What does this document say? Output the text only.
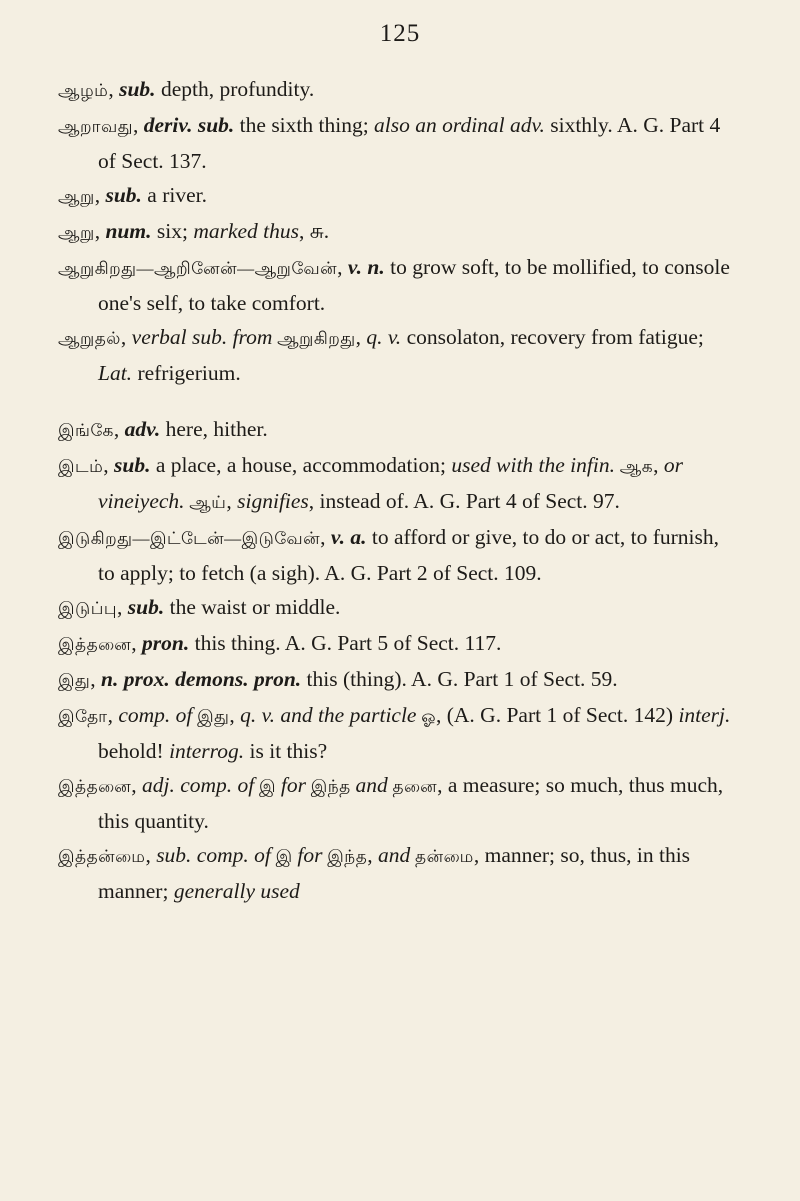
125

ஆழம், sub. depth, profundity.

ஆறாவது, deriv. sub. the sixth thing; also an ordinal adv. sixthly. A. G. Part 4 of Sect. 137.

ஆறு, sub. a river.

ஆறு, num. six; marked thus, சு.

ஆறுகிறது—ஆறினேன்—ஆறுவேன், v. n. to grow soft, to be mollified, to console one's self, to take comfort.

ஆறுதல், verbal sub. from ஆறுகிறது, q. v. consolaton, recovery from fatigue; Lat. refrigerium.

இங்கே, adv. here, hither.

இடம், sub. a place, a house, accommodation; used with the infin. ஆக, or vineiyech. ஆய், signifies, instead of. A. G. Part 4 of Sect. 97.

இடுகிறது—இட்டேன்—இடுவேன், v. a. to afford or give, to do or act, to furnish, to apply; to fetch (a sigh). A. G. Part 2 of Sect. 109.

இடுப்பு, sub. the waist or middle.

இத்தனை, pron. this thing. A. G. Part 5 of Sect. 117.

இது, n. prox. demons. pron. this (thing). A. G. Part 1 of Sect. 59.

இதோ, comp. of இது, q. v. and the particle ஓ, (A. G. Part 1 of Sect. 142) interj. behold! interrog. is it this?

இத்தனை, adj. comp. of இ for இந்த and தனை, a measure; so much, thus much, this quantity.

இத்தன்மை, sub. comp. of இ for இந்த, and தன்மை, manner; so, thus, in this manner; generally used
